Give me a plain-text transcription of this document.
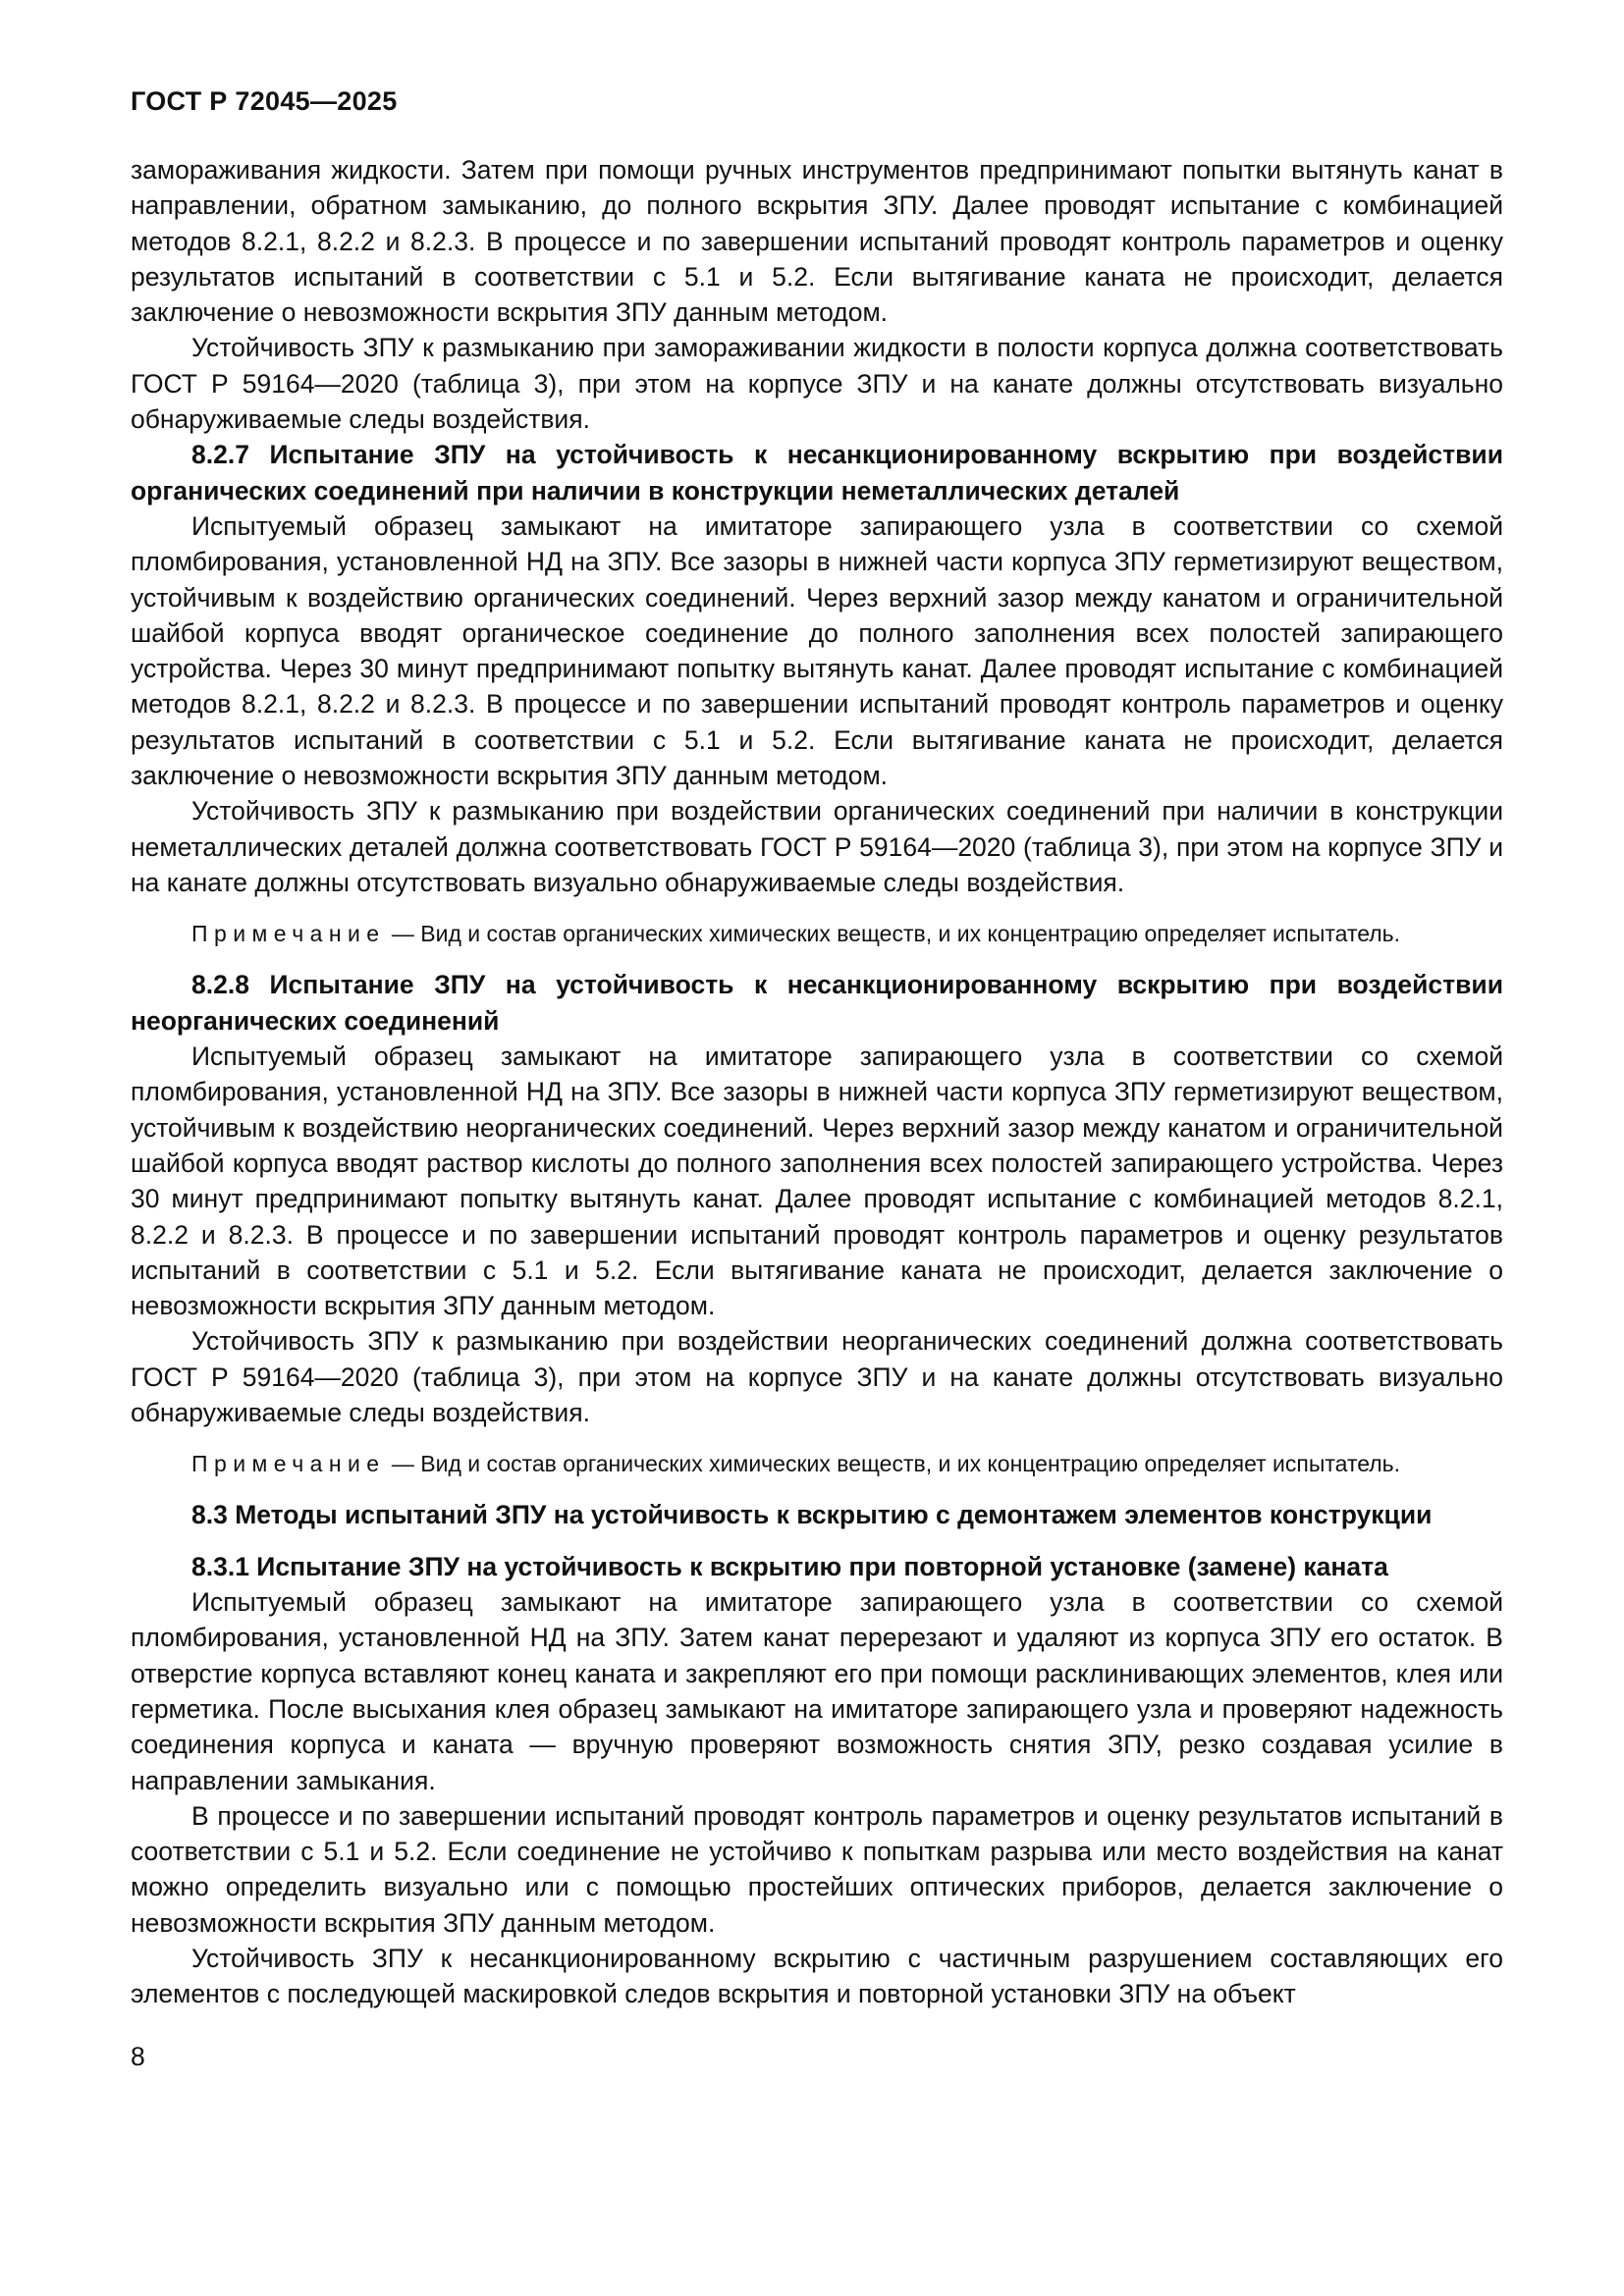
ГОСТ Р 72045—2025

замораживания жидкости. Затем при помощи ручных инструментов предпринимают попытки вытянуть канат в направлении, обратном замыканию, до полного вскрытия ЗПУ. Далее проводят испытание с комбинацией методов 8.2.1, 8.2.2 и 8.2.3. В процессе и по завершении испытаний проводят контроль параметров и оценку результатов испытаний в соответствии с 5.1 и 5.2. Если вытягивание каната не происходит, делается заключение о невозможности вскрытия ЗПУ данным методом.

Устойчивость ЗПУ к размыканию при замораживании жидкости в полости корпуса должна соответствовать ГОСТ Р 59164—2020 (таблица 3), при этом на корпусе ЗПУ и на канате должны отсутствовать визуально обнаруживаемые следы воздействия.

8.2.7 Испытание ЗПУ на устойчивость к несанкционированному вскрытию при воздействии органических соединений при наличии в конструкции неметаллических деталей

Испытуемый образец замыкают на имитаторе запирающего узла в соответствии со схемой пломбирования, установленной НД на ЗПУ. Все зазоры в нижней части корпуса ЗПУ герметизируют веществом, устойчивым к воздействию органических соединений. Через верхний зазор между канатом и ограничительной шайбой корпуса вводят органическое соединение до полного заполнения всех полостей запирающего устройства. Через 30 минут предпринимают попытку вытянуть канат. Далее проводят испытание с комбинацией методов 8.2.1, 8.2.2 и 8.2.3. В процессе и по завершении испытаний проводят контроль параметров и оценку результатов испытаний в соответствии с 5.1 и 5.2. Если вытягивание каната не происходит, делается заключение о невозможности вскрытия ЗПУ данным методом.

Устойчивость ЗПУ к размыканию при воздействии органических соединений при наличии в конструкции неметаллических деталей должна соответствовать ГОСТ Р 59164—2020 (таблица 3), при этом на корпусе ЗПУ и на канате должны отсутствовать визуально обнаруживаемые следы воздействия.

Примечание — Вид и состав органических химических веществ, и их концентрацию определяет испытатель.

8.2.8 Испытание ЗПУ на устойчивость к несанкционированному вскрытию при воздействии неорганических соединений

Испытуемый образец замыкают на имитаторе запирающего узла в соответствии со схемой пломбирования, установленной НД на ЗПУ. Все зазоры в нижней части корпуса ЗПУ герметизируют веществом, устойчивым к воздействию неорганических соединений. Через верхний зазор между канатом и ограничительной шайбой корпуса вводят раствор кислоты до полного заполнения всех полостей запирающего устройства. Через 30 минут предпринимают попытку вытянуть канат. Далее проводят испытание с комбинацией методов 8.2.1, 8.2.2 и 8.2.3. В процессе и по завершении испытаний проводят контроль параметров и оценку результатов испытаний в соответствии с 5.1 и 5.2. Если вытягивание каната не происходит, делается заключение о невозможности вскрытия ЗПУ данным методом.

Устойчивость ЗПУ к размыканию при воздействии неорганических соединений должна соответствовать ГОСТ Р 59164—2020 (таблица 3), при этом на корпусе ЗПУ и на канате должны отсутствовать визуально обнаруживаемые следы воздействия.

Примечание — Вид и состав органических химических веществ, и их концентрацию определяет испытатель.

8.3 Методы испытаний ЗПУ на устойчивость к вскрытию с демонтажем элементов конструкции

8.3.1 Испытание ЗПУ на устойчивость к вскрытию при повторной установке (замене) каната

Испытуемый образец замыкают на имитаторе запирающего узла в соответствии со схемой пломбирования, установленной НД на ЗПУ. Затем канат перерезают и удаляют из корпуса ЗПУ его остаток. В отверстие корпуса вставляют конец каната и закрепляют его при помощи расклинивающих элементов, клея или герметика. После высыхания клея образец замыкают на имитаторе запирающего узла и проверяют надежность соединения корпуса и каната — вручную проверяют возможность снятия ЗПУ, резко создавая усилие в направлении замыкания.

В процессе и по завершении испытаний проводят контроль параметров и оценку результатов испытаний в соответствии с 5.1 и 5.2. Если соединение не устойчиво к попыткам разрыва или место воздействия на канат можно определить визуально или с помощью простейших оптических приборов, делается заключение о невозможности вскрытия ЗПУ данным методом.

Устойчивость ЗПУ к несанкционированному вскрытию с частичным разрушением составляющих его элементов с последующей маскировкой следов вскрытия и повторной установки ЗПУ на объект

8
